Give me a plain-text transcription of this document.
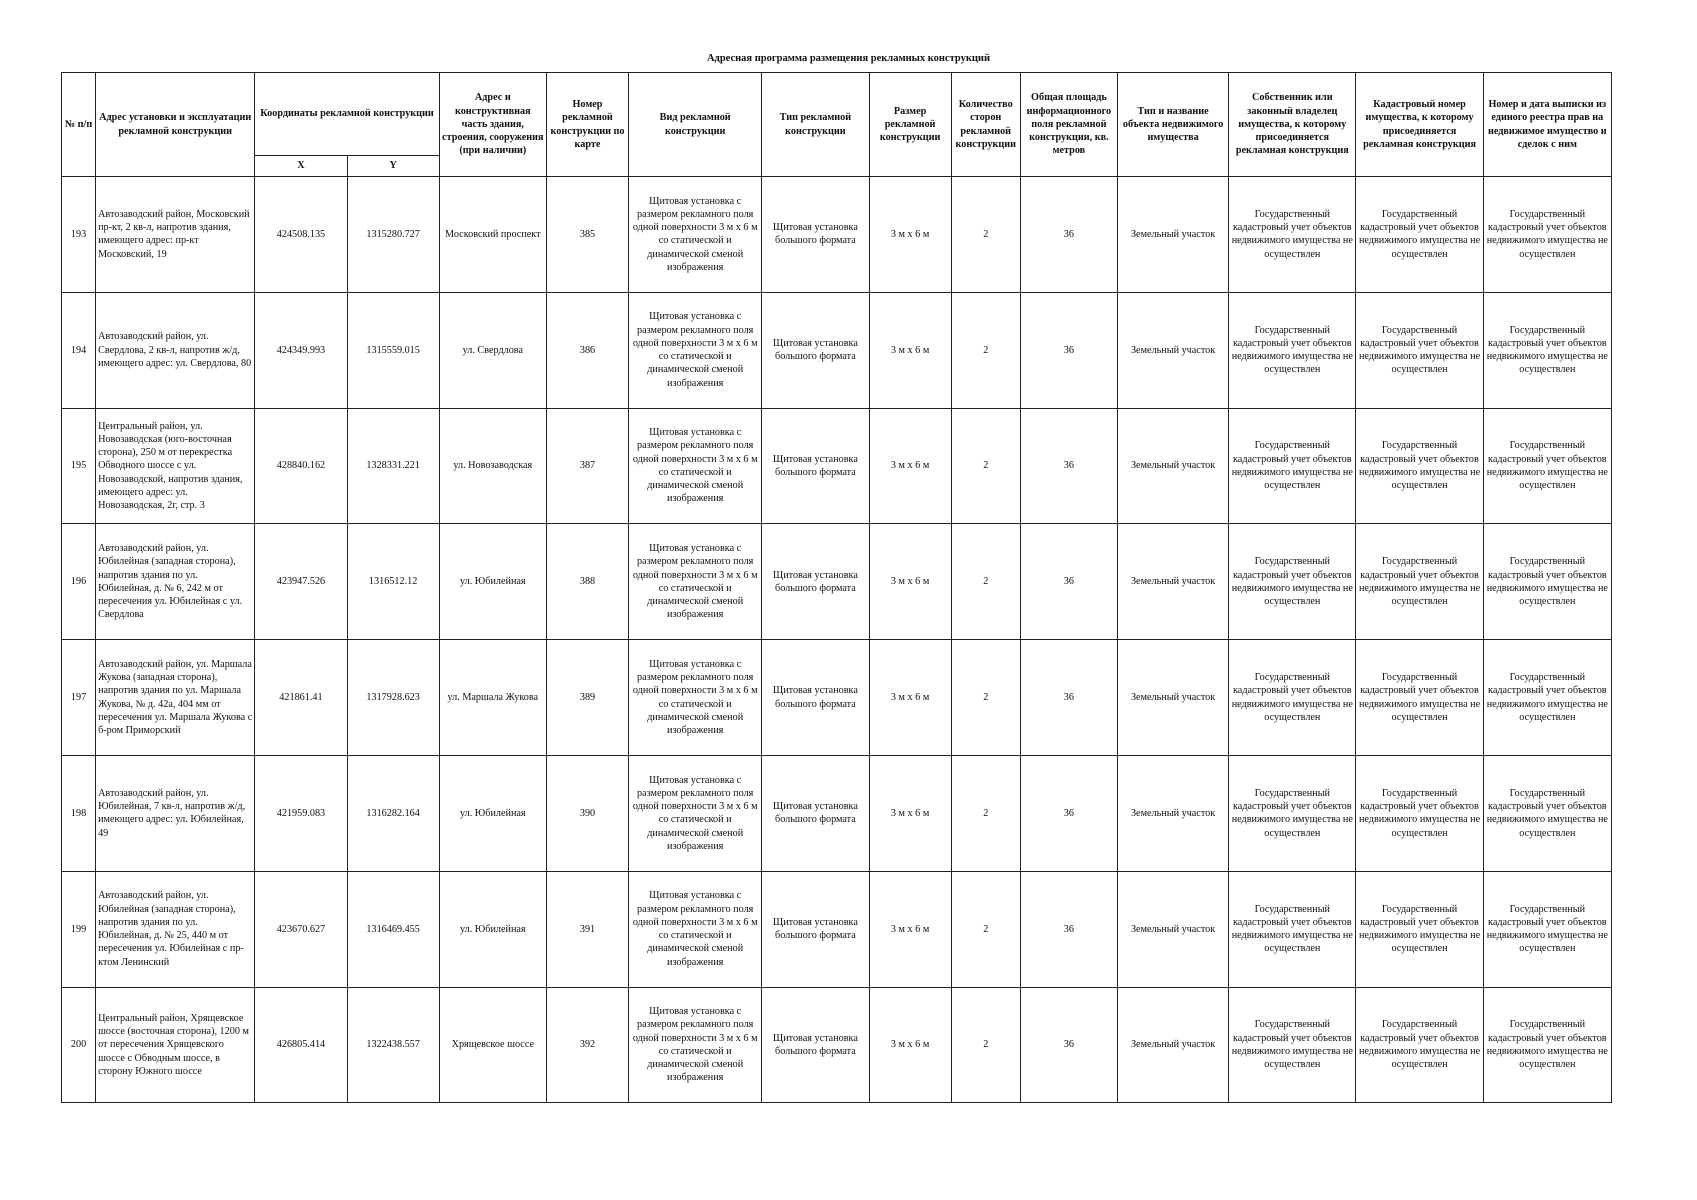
Адресная программа размещения рекламных конструкций
№ п/п	Адрес установки и эксплуатации рекламной конструкции	Координаты рекламной конструкции		Адрес и конструктивная часть здания, строения, сооружения (при наличии)	Номер рекламной конструкции по карте	Вид рекламной конструкции	Тип рекламной конструкции	Размер рекламной конструкции	Количество сторон рекламной конструкции	Общая площадь информационного поля рекламной конструкции, кв. метров	Тип и название объекта недвижимого имущества	Собственник или законный владелец имущества, к которому присоединяется рекламная конструкция	Кадастровый номер имущества, к которому присоединяется рекламная конструкция	Номер и дата выписки из единого реестра прав на недвижимое имущество и сделок с ним
		X	Y											
193	Автозаводский район, Московский пр-кт, 2 кв-л, напротив здания, имеющего адрес: пр-кт Московский, 19	424508.135	1315280.727	Московский проспект	385	Щитовая установка с размером рекламного поля одной поверхности 3 м х 6 м со статической и динамической сменой изображения	Щитовая установка большого формата	3 м х 6 м	2	36	Земельный участок	Государственный кадастровый учет объектов недвижимого имущества не осуществлен	Государственный кадастровый учет объектов недвижимого имущества не осуществлен	Государственный кадастровый учет объектов недвижимого имущества не осуществлен
194	Автозаводский район, ул. Свердлова, 2 кв-л, напротив ж/д, имеющего адрес: ул. Свердлова, 80	424349.993	1315559.015	ул. Свердлова	386	Щитовая установка с размером рекламного поля одной поверхности 3 м х 6 м со статической и динамической сменой изображения	Щитовая установка большого формата	3 м х 6 м	2	36	Земельный участок	Государственный кадастровый учет объектов недвижимого имущества не осуществлен	Государственный кадастровый учет объектов недвижимого имущества не осуществлен	Государственный кадастровый учет объектов недвижимого имущества не осуществлен
195	Центральный район, ул. Новозаводская (юго-восточная сторона), 250 м от перекрестка Обводного шоссе с ул. Новозаводской, напротив здания, имеющего адрес: ул. Новозаводская, 2г, стр. 3	428840.162	1328331.221	ул. Новозаводская	387	Щитовая установка с размером рекламного поля одной поверхности 3 м х 6 м со статической и динамической сменой изображения	Щитовая установка большого формата	3 м х 6 м	2	36	Земельный участок	Государственный кадастровый учет объектов недвижимого имущества не осуществлен	Государственный кадастровый учет объектов недвижимого имущества не осуществлен	Государственный кадастровый учет объектов недвижимого имущества не осуществлен
196	Автозаводский район, ул. Юбилейная (западная сторона), напротив здания по ул. Юбилейная, д. № 6, 242 м от пересечения ул. Юбилейная с ул. Свердлова	423947.526	1316512.12	ул. Юбилейная	388	Щитовая установка с размером рекламного поля одной поверхности 3 м х 6 м со статической и динамической сменой изображения	Щитовая установка большого формата	3 м х 6 м	2	36	Земельный участок	Государственный кадастровый учет объектов недвижимого имущества не осуществлен	Государственный кадастровый учет объектов недвижимого имущества не осуществлен	Государственный кадастровый учет объектов недвижимого имущества не осуществлен
197	Автозаводский район, ул. Маршала Жукова (западная сторона), напротив здания по ул. Маршала Жукова, № д. 42а, 404 мм от пересечения ул. Маршала Жукова с б-ром Приморский	421861.41	1317928.623	ул. Маршала Жукова	389	Щитовая установка с размером рекламного поля одной поверхности 3 м х 6 м со статической и динамической сменой изображения	Щитовая установка большого формата	3 м х 6 м	2	36	Земельный участок	Государственный кадастровый учет объектов недвижимого имущества не осуществлен	Государственный кадастровый учет объектов недвижимого имущества не осуществлен	Государственный кадастровый учет объектов недвижимого имущества не осуществлен
198	Автозаводский район, ул. Юбилейная, 7 кв-л, напротив ж/д, имеющего адрес: ул. Юбилейная, 49	421959.083	1316282.164	ул. Юбилейная	390	Щитовая установка с размером рекламного поля одной поверхности 3 м х 6 м со статической и динамической сменой изображения	Щитовая установка большого формата	3 м х 6 м	2	36	Земельный участок	Государственный кадастровый учет объектов недвижимого имущества не осуществлен	Государственный кадастровый учет объектов недвижимого имущества не осуществлен	Государственный кадастровый учет объектов недвижимого имущества не осуществлен
199	Автозаводский район, ул. Юбилейная (западная сторона), напротив здания по ул. Юбилейная, д. № 25, 440 м от пересечения ул. Юбилейная с пр-ктом Ленинский	423670.627	1316469.455	ул. Юбилейная	391	Щитовая установка с размером рекламного поля одной поверхности 3 м х 6 м со статической и динамической сменой изображения	Щитовая установка большого формата	3 м х 6 м	2	36	Земельный участок	Государственный кадастровый учет объектов недвижимого имущества не осуществлен	Государственный кадастровый учет объектов недвижимого имущества не осуществлен	Государственный кадастровый учет объектов недвижимого имущества не осуществлен
200	Центральный район, Хрящевское шоссе (восточная сторона), 1200 м от пересечения Хрящевского шоссе с Обводным шоссе, в сторону Южного шоссе	426805.414	1322438.557	Хрящевское шоссе	392	Щитовая установка с размером рекламного поля одной поверхности 3 м х 6 м со статической и динамической сменой изображения	Щитовая установка большого формата	3 м х 6 м	2	36	Земельный участок	Государственный кадастровый учет объектов недвижимого имущества не осуществлен	Государственный кадастровый учет объектов недвижимого имущества не осуществлен	Государственный кадастровый учет объектов недвижимого имущества не осуществлен
